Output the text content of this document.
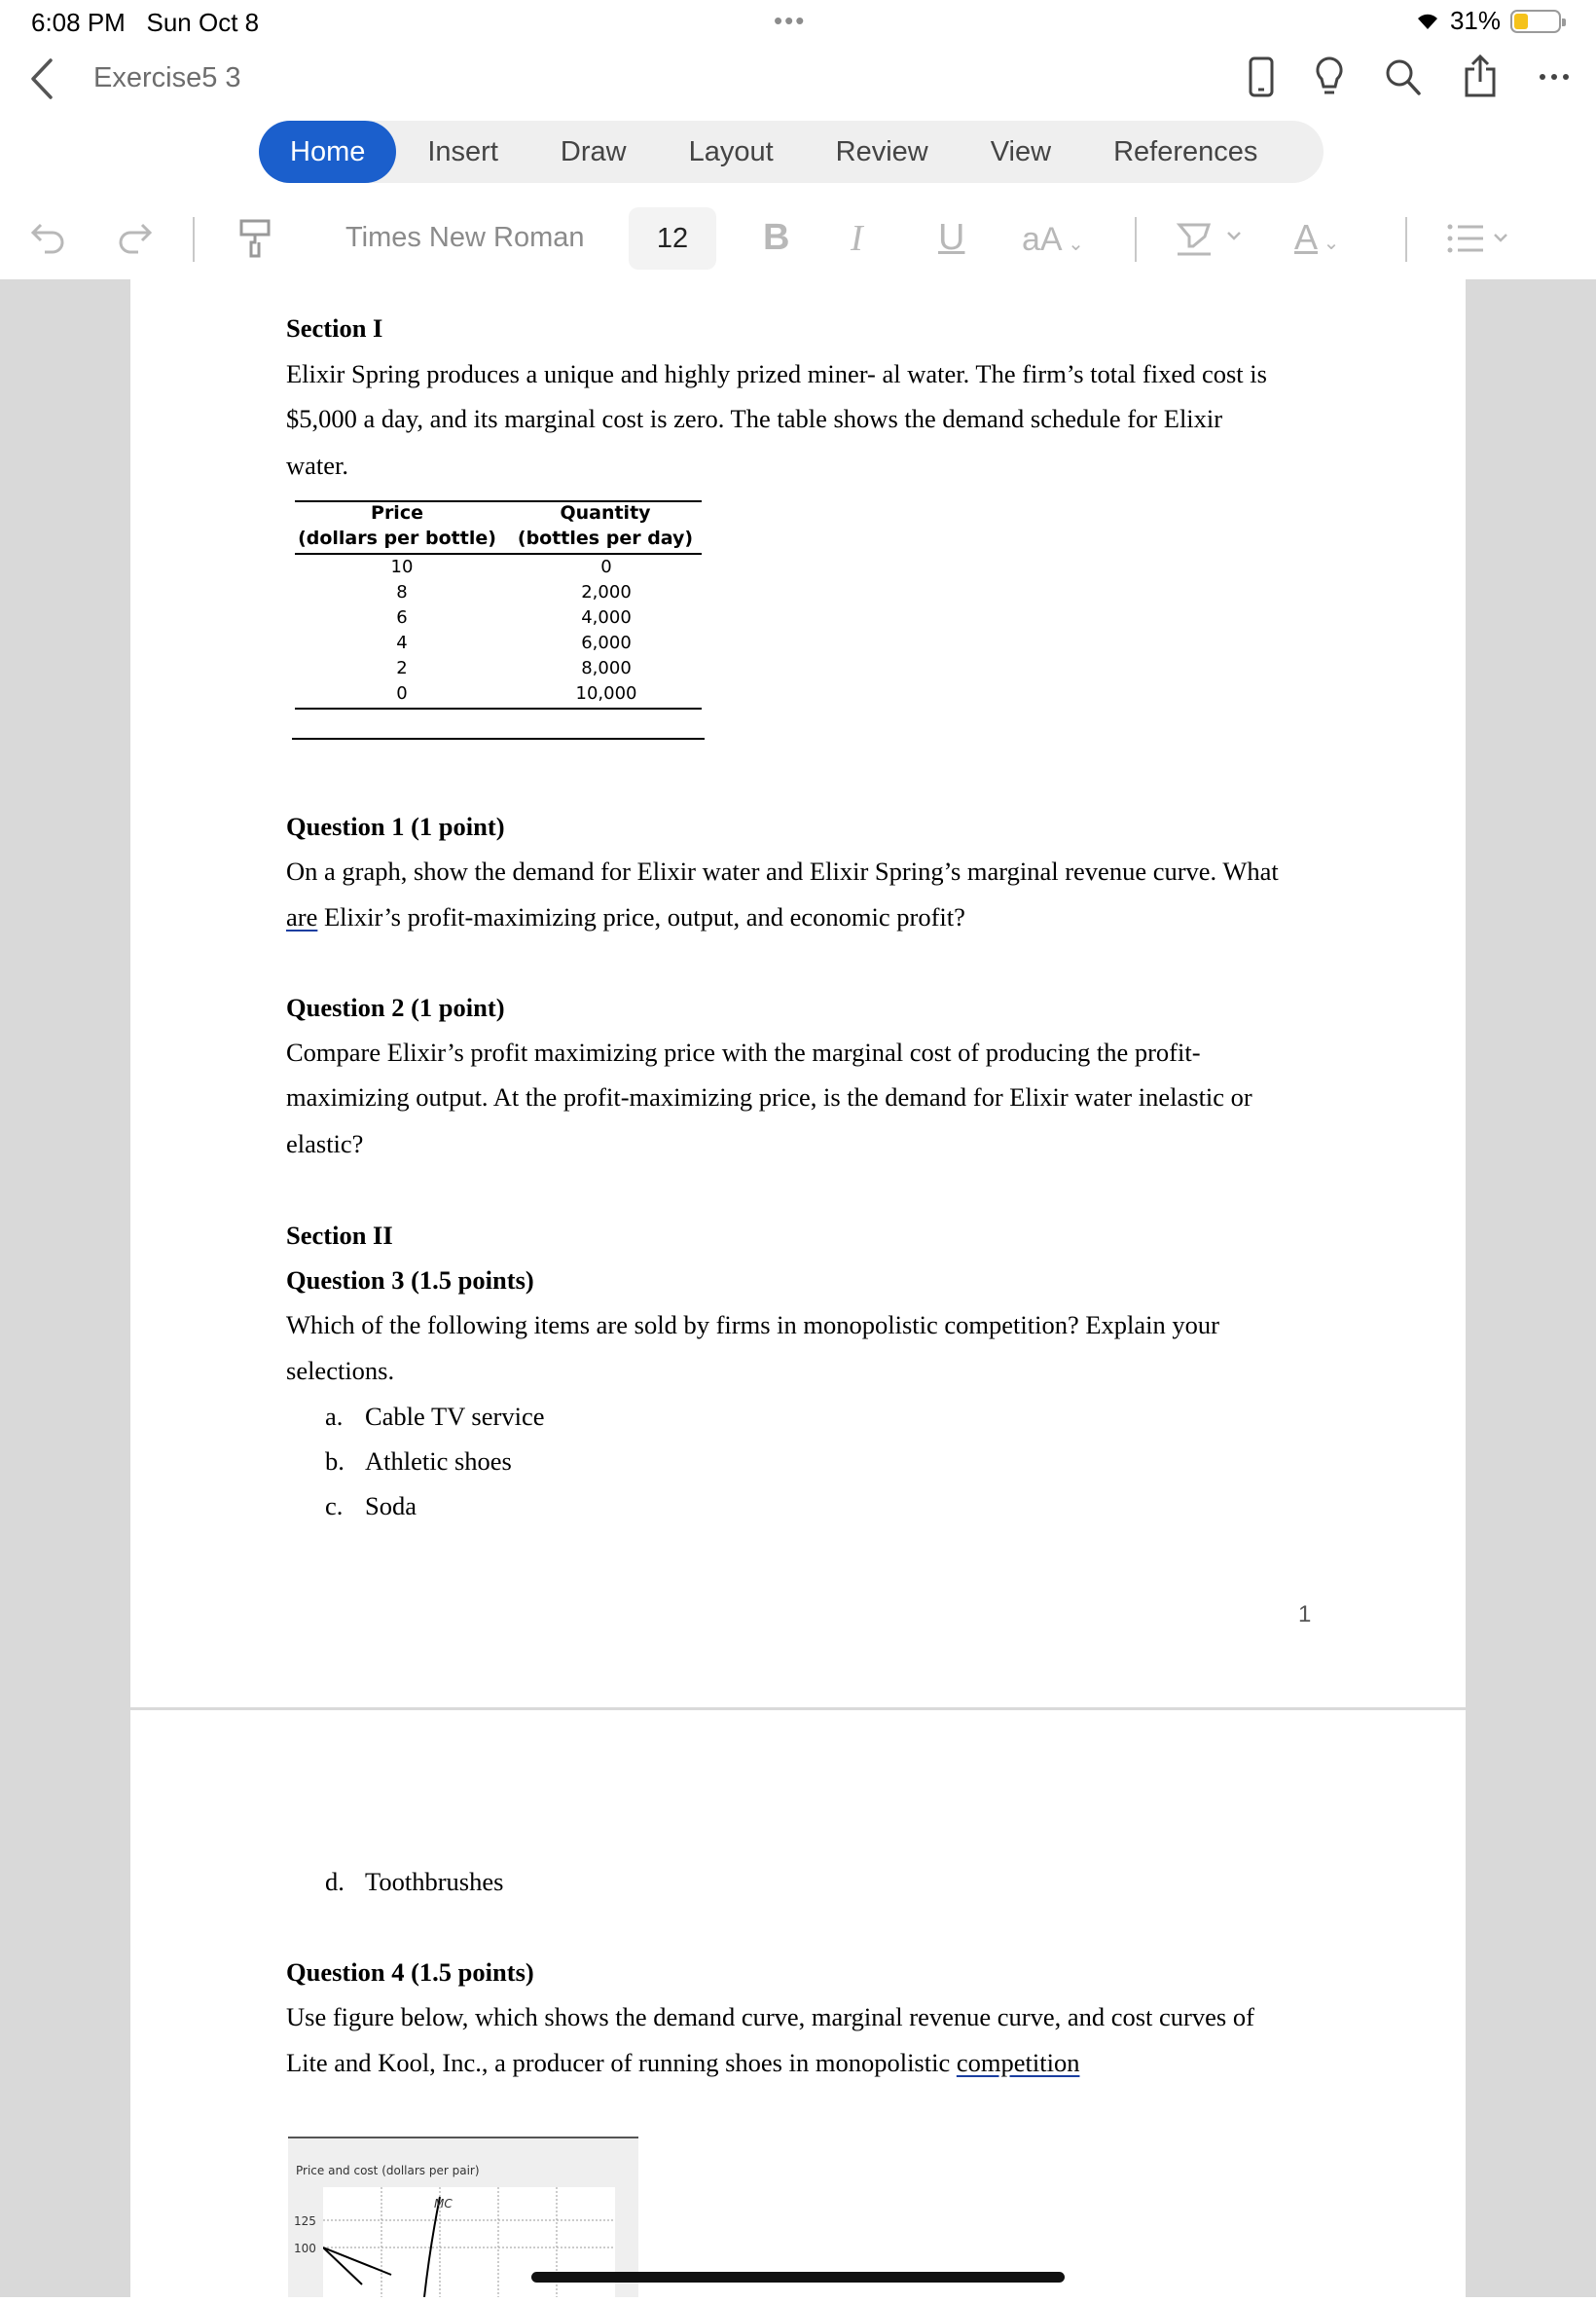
6:08 PM Sun Oct 8	•••	31%
Exercise5 3
Home	Insert	Draw	Layout	Review	View	References
Times New Roman	12	B I U aA ⌄	A ⌄
Section I
Elixir Spring produces a unique and highly prized miner- al water. The firm’s total fixed cost is
$5,000 a day, and its marginal cost is zero. The table shows the demand schedule for Elixir
water.
Price
(dollars per bottle)
Quantity
(bottles per day)
10	0
8	2,000
6	4,000
4	6,000
2	8,000
0	10,000
Question 1 (1 point)
On a graph, show the demand for Elixir water and Elixir Spring’s marginal revenue curve. What
are Elixir’s profit-maximizing price, output, and economic profit?
Question 2 (1 point)
Compare Elixir’s profit maximizing price with the marginal cost of producing the profit-
maximizing output. At the profit-maximizing price, is the demand for Elixir water inelastic or
elastic?
Section II
Question 3 (1.5 points)
Which of the following items are sold by firms in monopolistic competition? Explain your
selections.
a. Cable TV service
b. Athletic shoes
c. Soda
1
d. Toothbrushes
Question 4 (1.5 points)
Use figure below, which shows the demand curve, marginal revenue curve, and cost curves of
Lite and Kool, Inc., a producer of running shoes in monopolistic competition
Price and cost (dollars per pair)
MC
125
100
